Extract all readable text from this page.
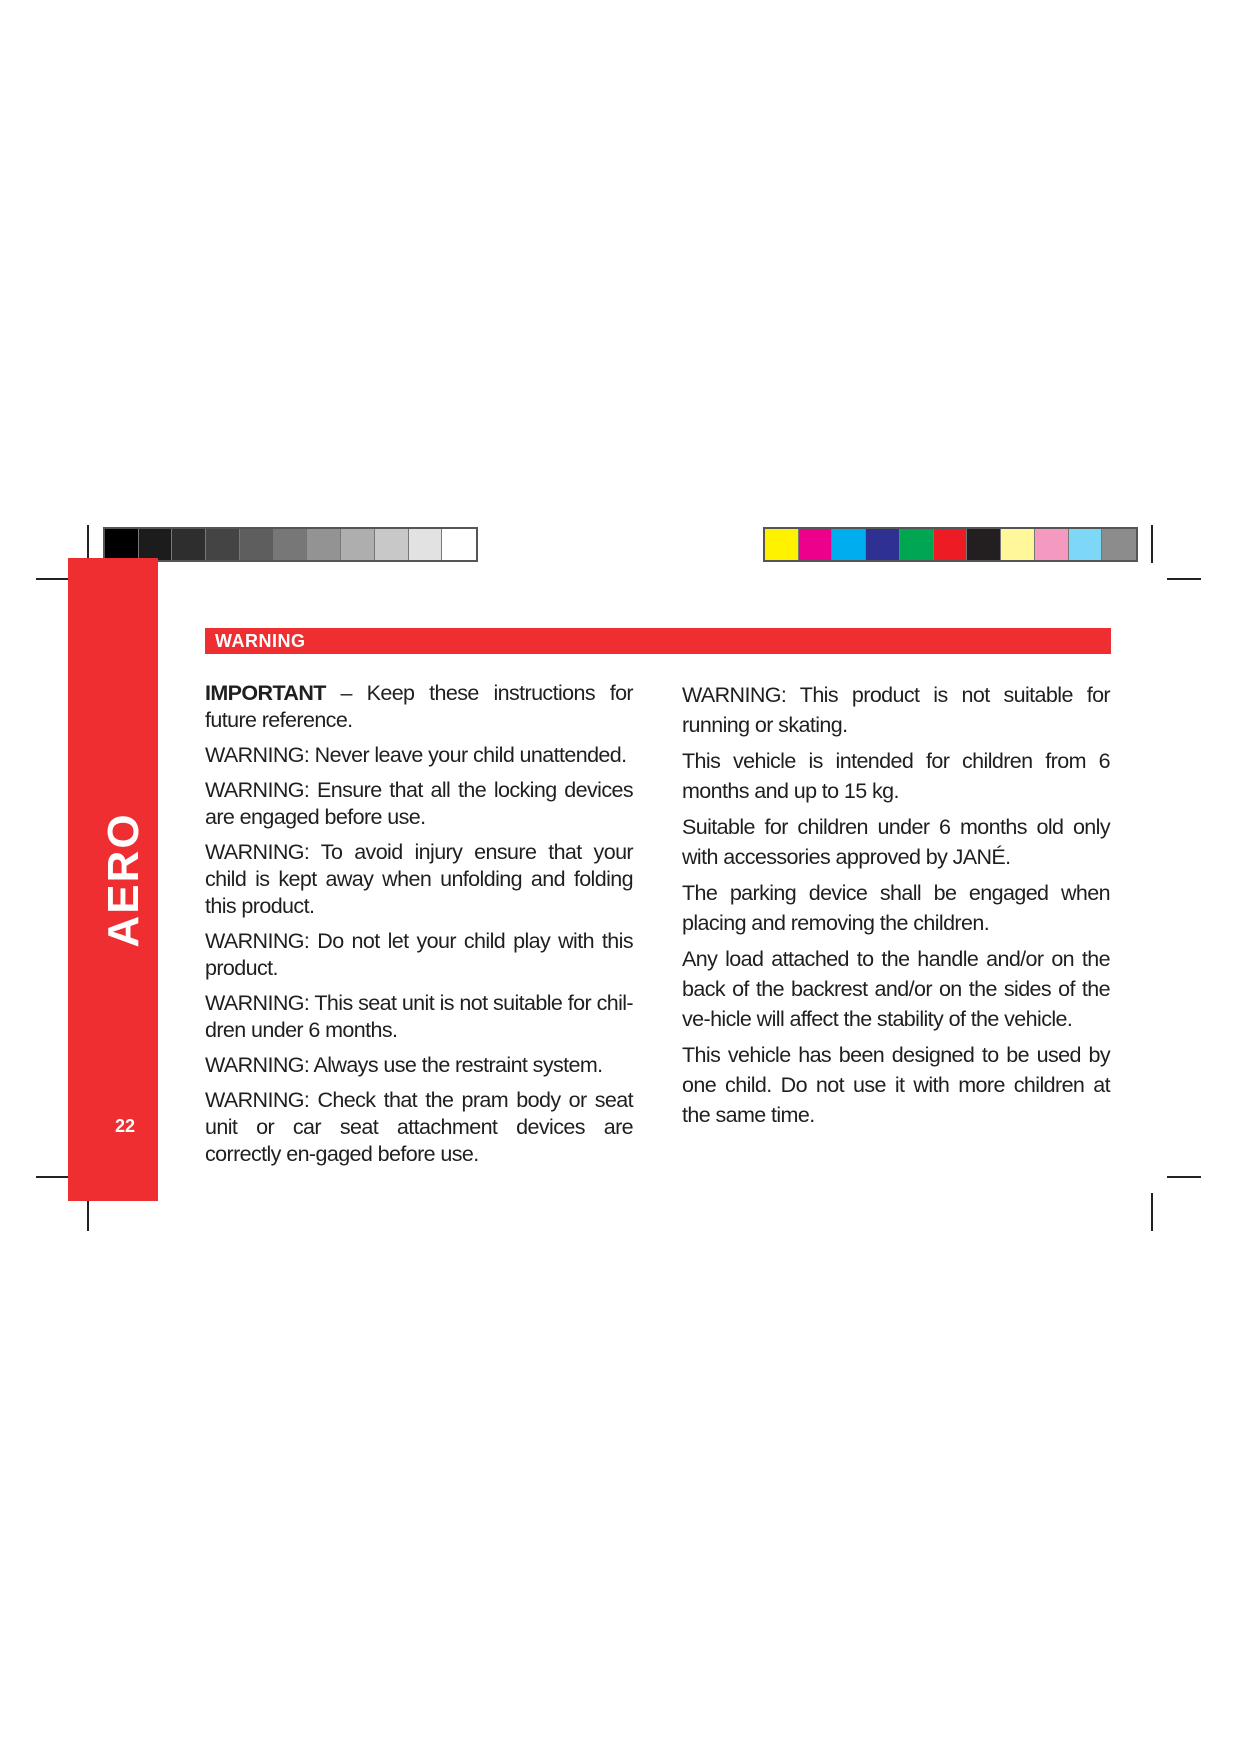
AERO
22
WARNING

IMPORTANT – Keep these instructions for future reference.

WARNING: Never leave your child unattended.

WARNING: Ensure that all the locking devices are engaged before use.

WARNING: To avoid injury ensure that your child is kept away when unfolding and folding this product.

WARNING: Do not let your child play with this product.

WARNING: This seat unit is not suitable for chil-dren under 6 months.

WARNING: Always use the restraint system.

WARNING: Check that the pram body or seat unit or car seat attachment devices are correctly en-gaged before use.

WARNING: This product is not suitable for running or skating.

This vehicle is intended for children from 6 months and up to 15 kg.

Suitable for children under 6 months old only with accessories approved by JANÉ.

The parking device shall be engaged when placing and removing the children.

Any load attached to the handle and/or on the back of the backrest and/or on the sides of the ve-hicle will affect the stability of the vehicle.

This vehicle has been designed to be used by one child. Do not use it with more children at the same time.
